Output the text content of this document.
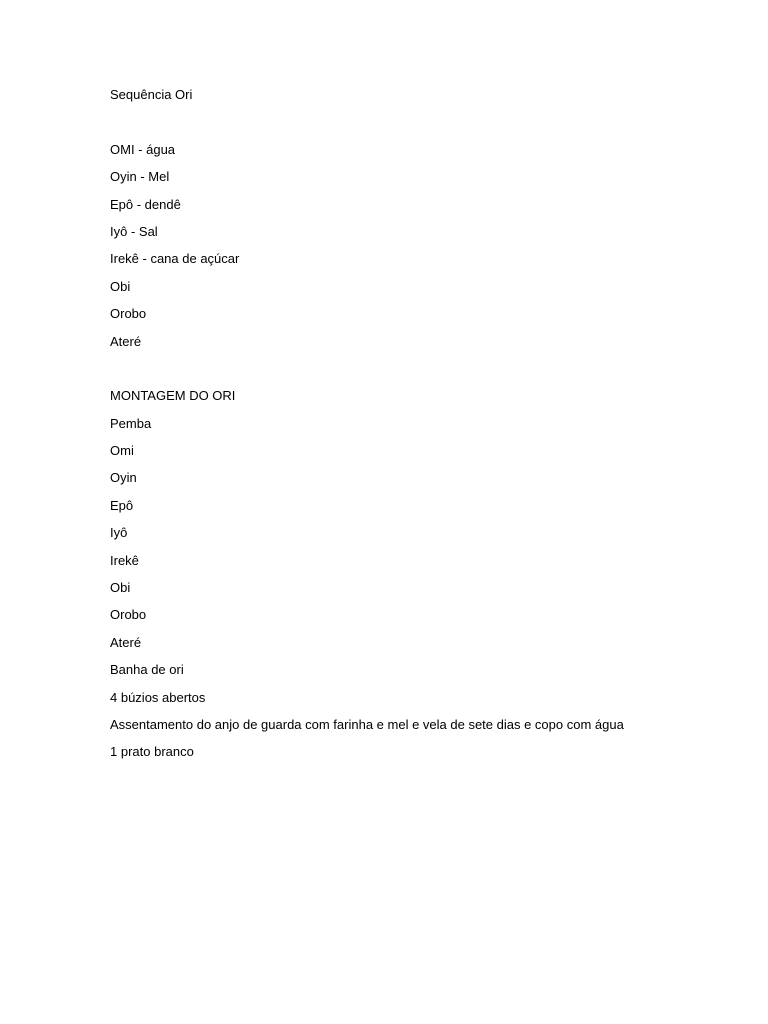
Sequência Ori
OMI - água
Oyin - Mel
Epô - dendê
Iyô - Sal
Irekê - cana de açúcar
Obi
Orobo
Ateré
MONTAGEM DO ORI
Pemba
Omi
Oyin
Epô
Iyô
Irekê
Obi
Orobo
Ateré
Banha de ori
4 búzios abertos
Assentamento do anjo de guarda com farinha e mel e vela de sete dias e copo com água
1 prato branco
